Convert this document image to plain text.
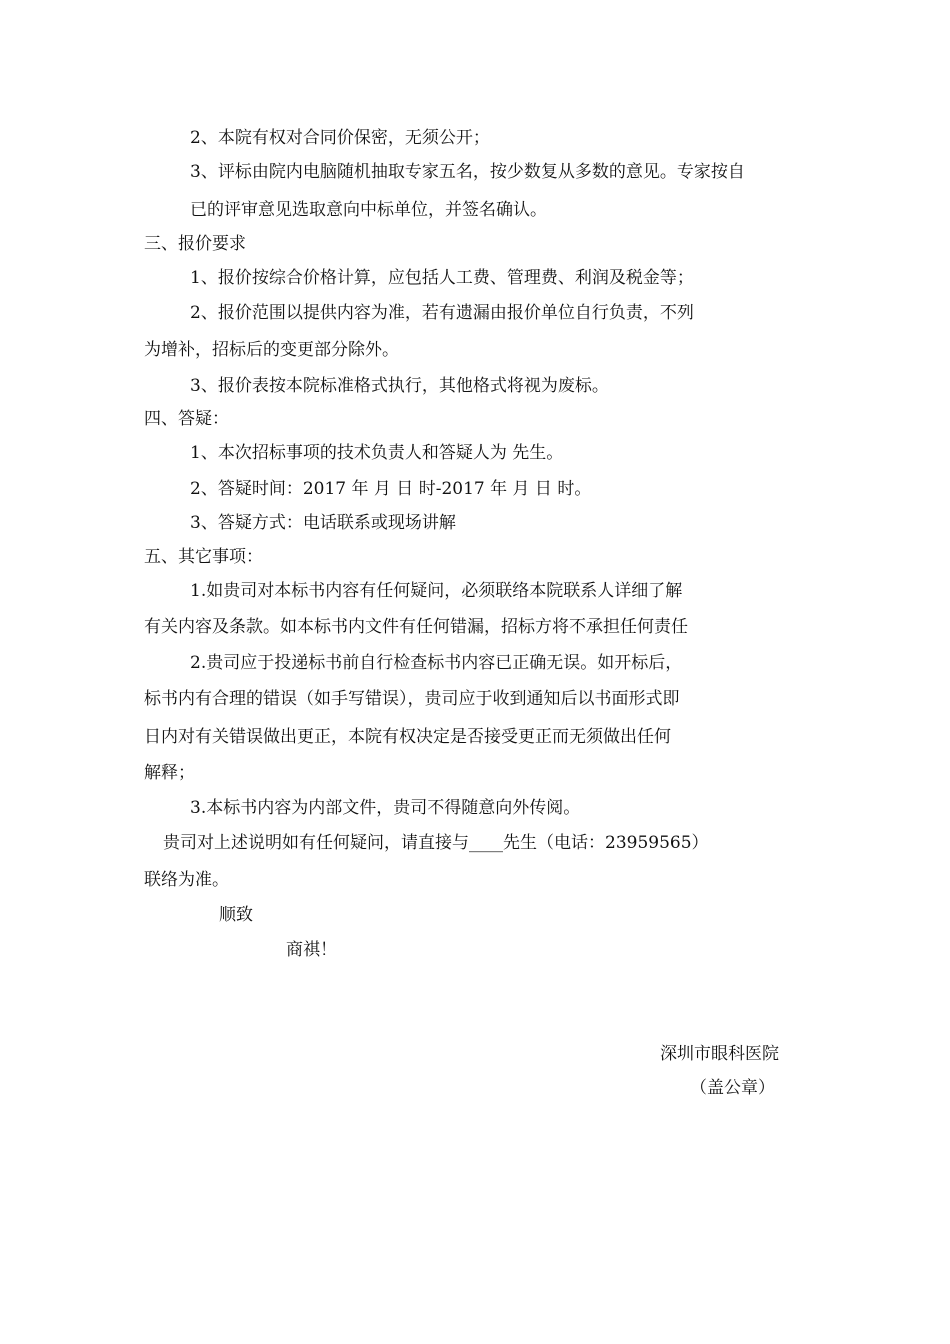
2、本院有权对合同价保密，无须公开；
3、评标由院内电脑随机抽取专家五名，按少数复从多数的意见。专家按自
已的评审意见选取意向中标单位，并签名确认。
三、报价要求
1、报价按综合价格计算，应包括人工费、管理费、利润及税金等；
2、报价范围以提供内容为准，若有遗漏由报价单位自行负责，不列
为增补，招标后的变更部分除外。
3、报价表按本院标准格式执行，其他格式将视为废标。
四、答疑：
1、本次招标事项的技术负责人和答疑人为 先生。
2、答疑时间：2017 年 月 日 时-2017 年 月 日 时。
3、答疑方式：电话联系或现场讲解
五、其它事项：
1.如贵司对本标书内容有任何疑问，必须联络本院联系人详细了解
有关内容及条款。如本标书内文件有任何错漏，招标方将不承担任何责任
2.贵司应于投递标书前自行检查标书内容已正确无误。如开标后，
标书内有合理的错误（如手写错误），贵司应于收到通知后以书面形式即
日内对有关错误做出更正，本院有权决定是否接受更正而无须做出任何
解释；
3.本标书内容为内部文件，贵司不得随意向外传阅。
贵司对上述说明如有任何疑问，请直接与____先生（电话：23959565）
联络为准。
顺致
商祺！
深圳市眼科医院
（盖公章）
